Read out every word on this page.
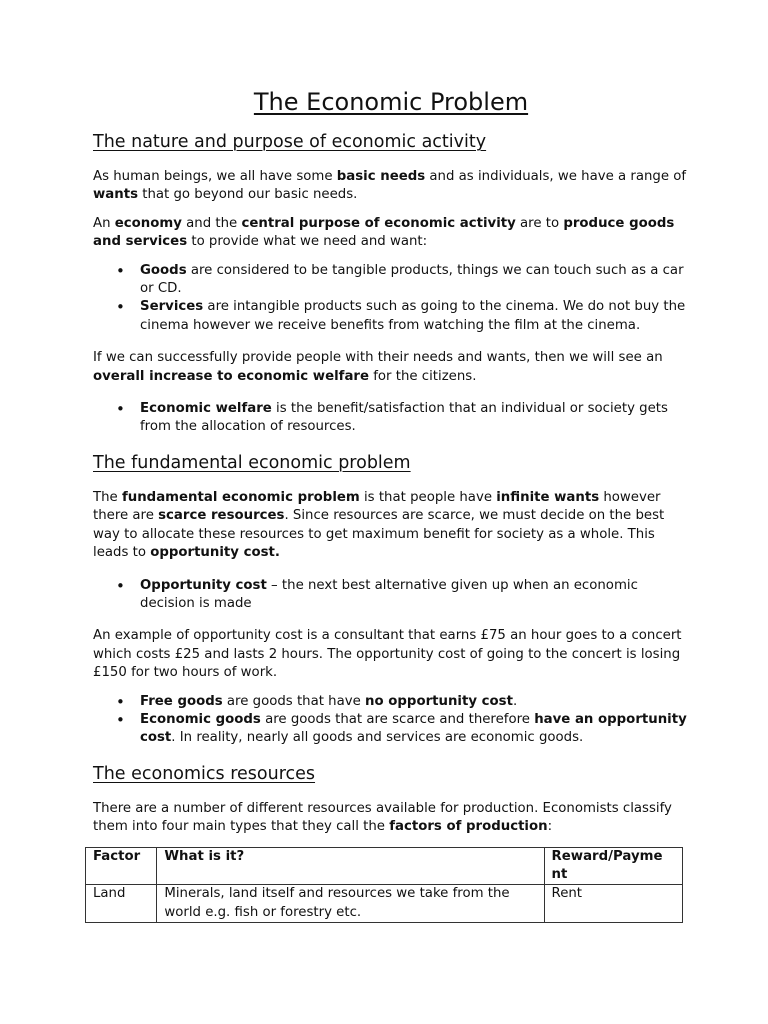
The Economic Problem
The nature and purpose of economic activity

As human beings, we all have some basic needs and as individuals, we have a range of wants that go beyond our basic needs.

An economy and the central purpose of economic activity are to produce goods and services to provide what we need and want:

• Goods are considered to be tangible products, things we can touch such as a car or CD.
• Services are intangible products such as going to the cinema. We do not buy the cinema however we receive benefits from watching the film at the cinema.

If we can successfully provide people with their needs and wants, then we will see an overall increase to economic welfare for the citizens.

• Economic welfare is the benefit/satisfaction that an individual or society gets from the allocation of resources.
The fundamental economic problem

The fundamental economic problem is that people have infinite wants however there are scarce resources. Since resources are scarce, we must decide on the best way to allocate these resources to get maximum benefit for society as a whole. This leads to opportunity cost.

• Opportunity cost – the next best alternative given up when an economic decision is made

An example of opportunity cost is a consultant that earns £75 an hour goes to a concert which costs £25 and lasts 2 hours. The opportunity cost of going to the concert is losing £150 for two hours of work.

• Free goods are goods that have no opportunity cost.
• Economic goods are goods that are scarce and therefore have an opportunity cost. In reality, nearly all goods and services are economic goods.
The economics resources

There are a number of different resources available for production. Economists classify them into four main types that they call the factors of production:

Factor	What is it?	Reward/Payme nt
Land	Minerals, land itself and resources we take from the world e.g. fish or forestry etc.	Rent
